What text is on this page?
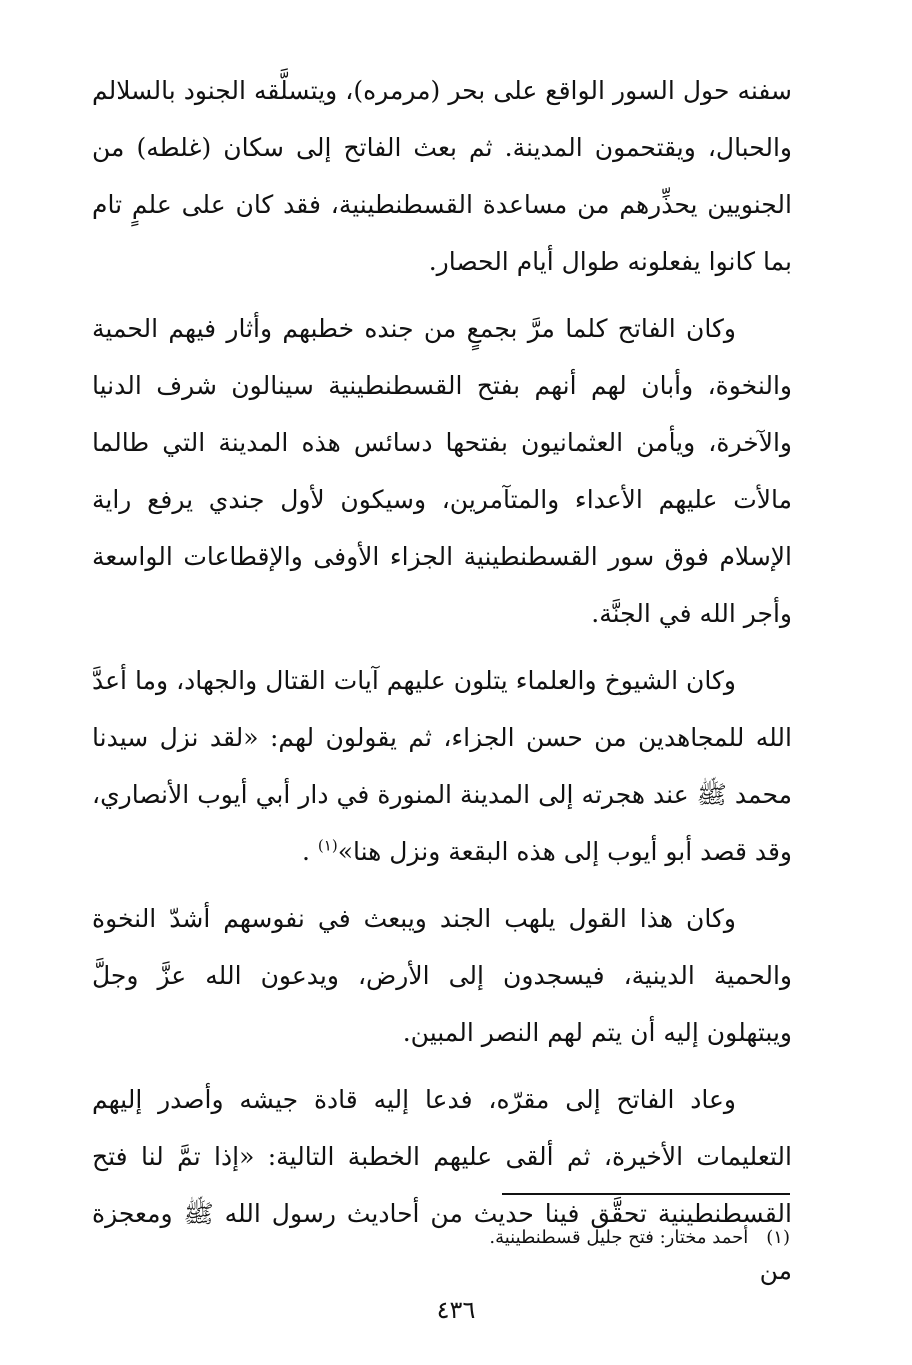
سفنه حول السور الواقع على بحر (مرمره)، ويتسلَّقه الجنود بالسلالم والحبال، ويقتحمون المدينة. ثم بعث الفاتح إلى سكان (غلطه) من الجنويين يحذِّرهم من مساعدة القسطنطينية، فقد كان على علمٍ تام بما كانوا يفعلونه طوال أيام الحصار.

وكان الفاتح كلما مرَّ بجمعٍ من جنده خطبهم وأثار فيهم الحمية والنخوة، وأبان لهم أنهم بفتح القسطنطينية سينالون شرف الدنيا والآخرة، ويأمن العثمانيون بفتحها دسائس هذه المدينة التي طالما مالأت عليهم الأعداء والمتآمرين، وسيكون لأول جندي يرفع راية الإسلام فوق سور القسطنطينية الجزاء الأوفى والإقطاعات الواسعة وأجر الله في الجنَّة.

وكان الشيوخ والعلماء يتلون عليهم آيات القتال والجهاد، وما أعدَّ الله للمجاهدين من حسن الجزاء، ثم يقولون لهم: «لقد نزل سيدنا محمد ﷺ عند هجرته إلى المدينة المنورة في دار أبي أيوب الأنصاري، وقد قصد أبو أيوب إلى هذه البقعة ونزل هنا»$^{(١)}$ .

وكان هذا القول يلهب الجند ويبعث في نفوسهم أشدّ النخوة والحمية الدينية، فيسجدون إلى الأرض، ويدعون الله عزَّ وجلَّ ويبتهلون إليه أن يتم لهم النصر المبين.

وعاد الفاتح إلى مقرّه، فدعا إليه قادة جيشه وأصدر إليهم التعليمات الأخيرة، ثم ألقى عليهم الخطبة التالية: «إذا تمَّ لنا فتح القسطنطينية تحقَّق فينا حديث من أحاديث رسول الله ﷺ ومعجزة من

(١)أحمد مختار: فتح جليل قسطنطينية.
٤٣٦
